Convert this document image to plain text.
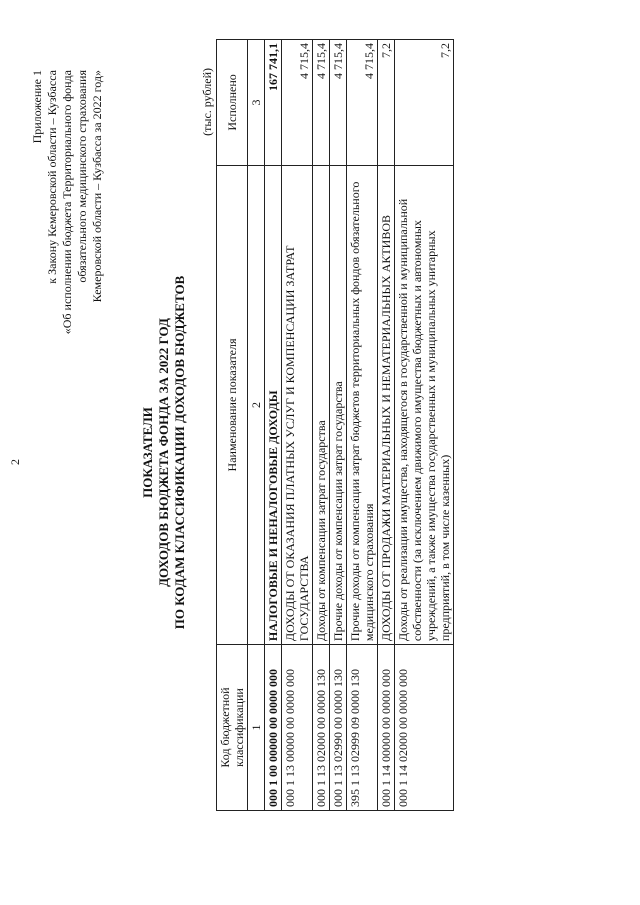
2
Приложение 1 к Закону Кемеровской области – Кузбасса «Об исполнении бюджета Территориального фонда обязательного медицинского страхования Кемеровской области – Кузбасса за 2022 год»
ПОКАЗАТЕЛИ ДОХОДОВ БЮДЖЕТА ФОНДА ЗА 2022 ГОД ПО КОДАМ КЛАССИФИКАЦИИ ДОХОДОВ БЮДЖЕТОВ
(тыс. рублей)
Код бюджетной классификации	Наименование показателя	Исполнено
1	2	3
000 1 00 00000 00 0000 000	НАЛОГОВЫЕ И НЕНАЛОГОВЫЕ ДОХОДЫ	167 741,1
000 1 13 00000 00 0000 000	ДОХОДЫ ОТ ОКАЗАНИЯ ПЛАТНЫХ УСЛУГ И КОМПЕНСАЦИИ ЗАТРАТ ГОСУДАРСТВА	4 715,4
000 1 13 02000 00 0000 130	Доходы от компенсации затрат государства	4 715,4
000 1 13 02990 00 0000 130	Прочие доходы от компенсации затрат государства	4 715,4
395 1 13 02999 09 0000 130	Прочие доходы от компенсации затрат бюджетов территориальных фондов обязательного медицинского страхования	4 715,4
000 1 14 00000 00 0000 000	ДОХОДЫ ОТ ПРОДАЖИ МАТЕРИАЛЬНЫХ И НЕМАТЕРИАЛЬНЫХ АКТИВОВ	7,2
000 1 14 02000 00 0000 000	Доходы от реализации имущества, находящегося в государственной и муниципальной собственности (за исключением движимого имущества бюджетных и автономных учреждений, а также имущества государственных и муниципальных унитарных предприятий, в том числе казенных)	7,2
